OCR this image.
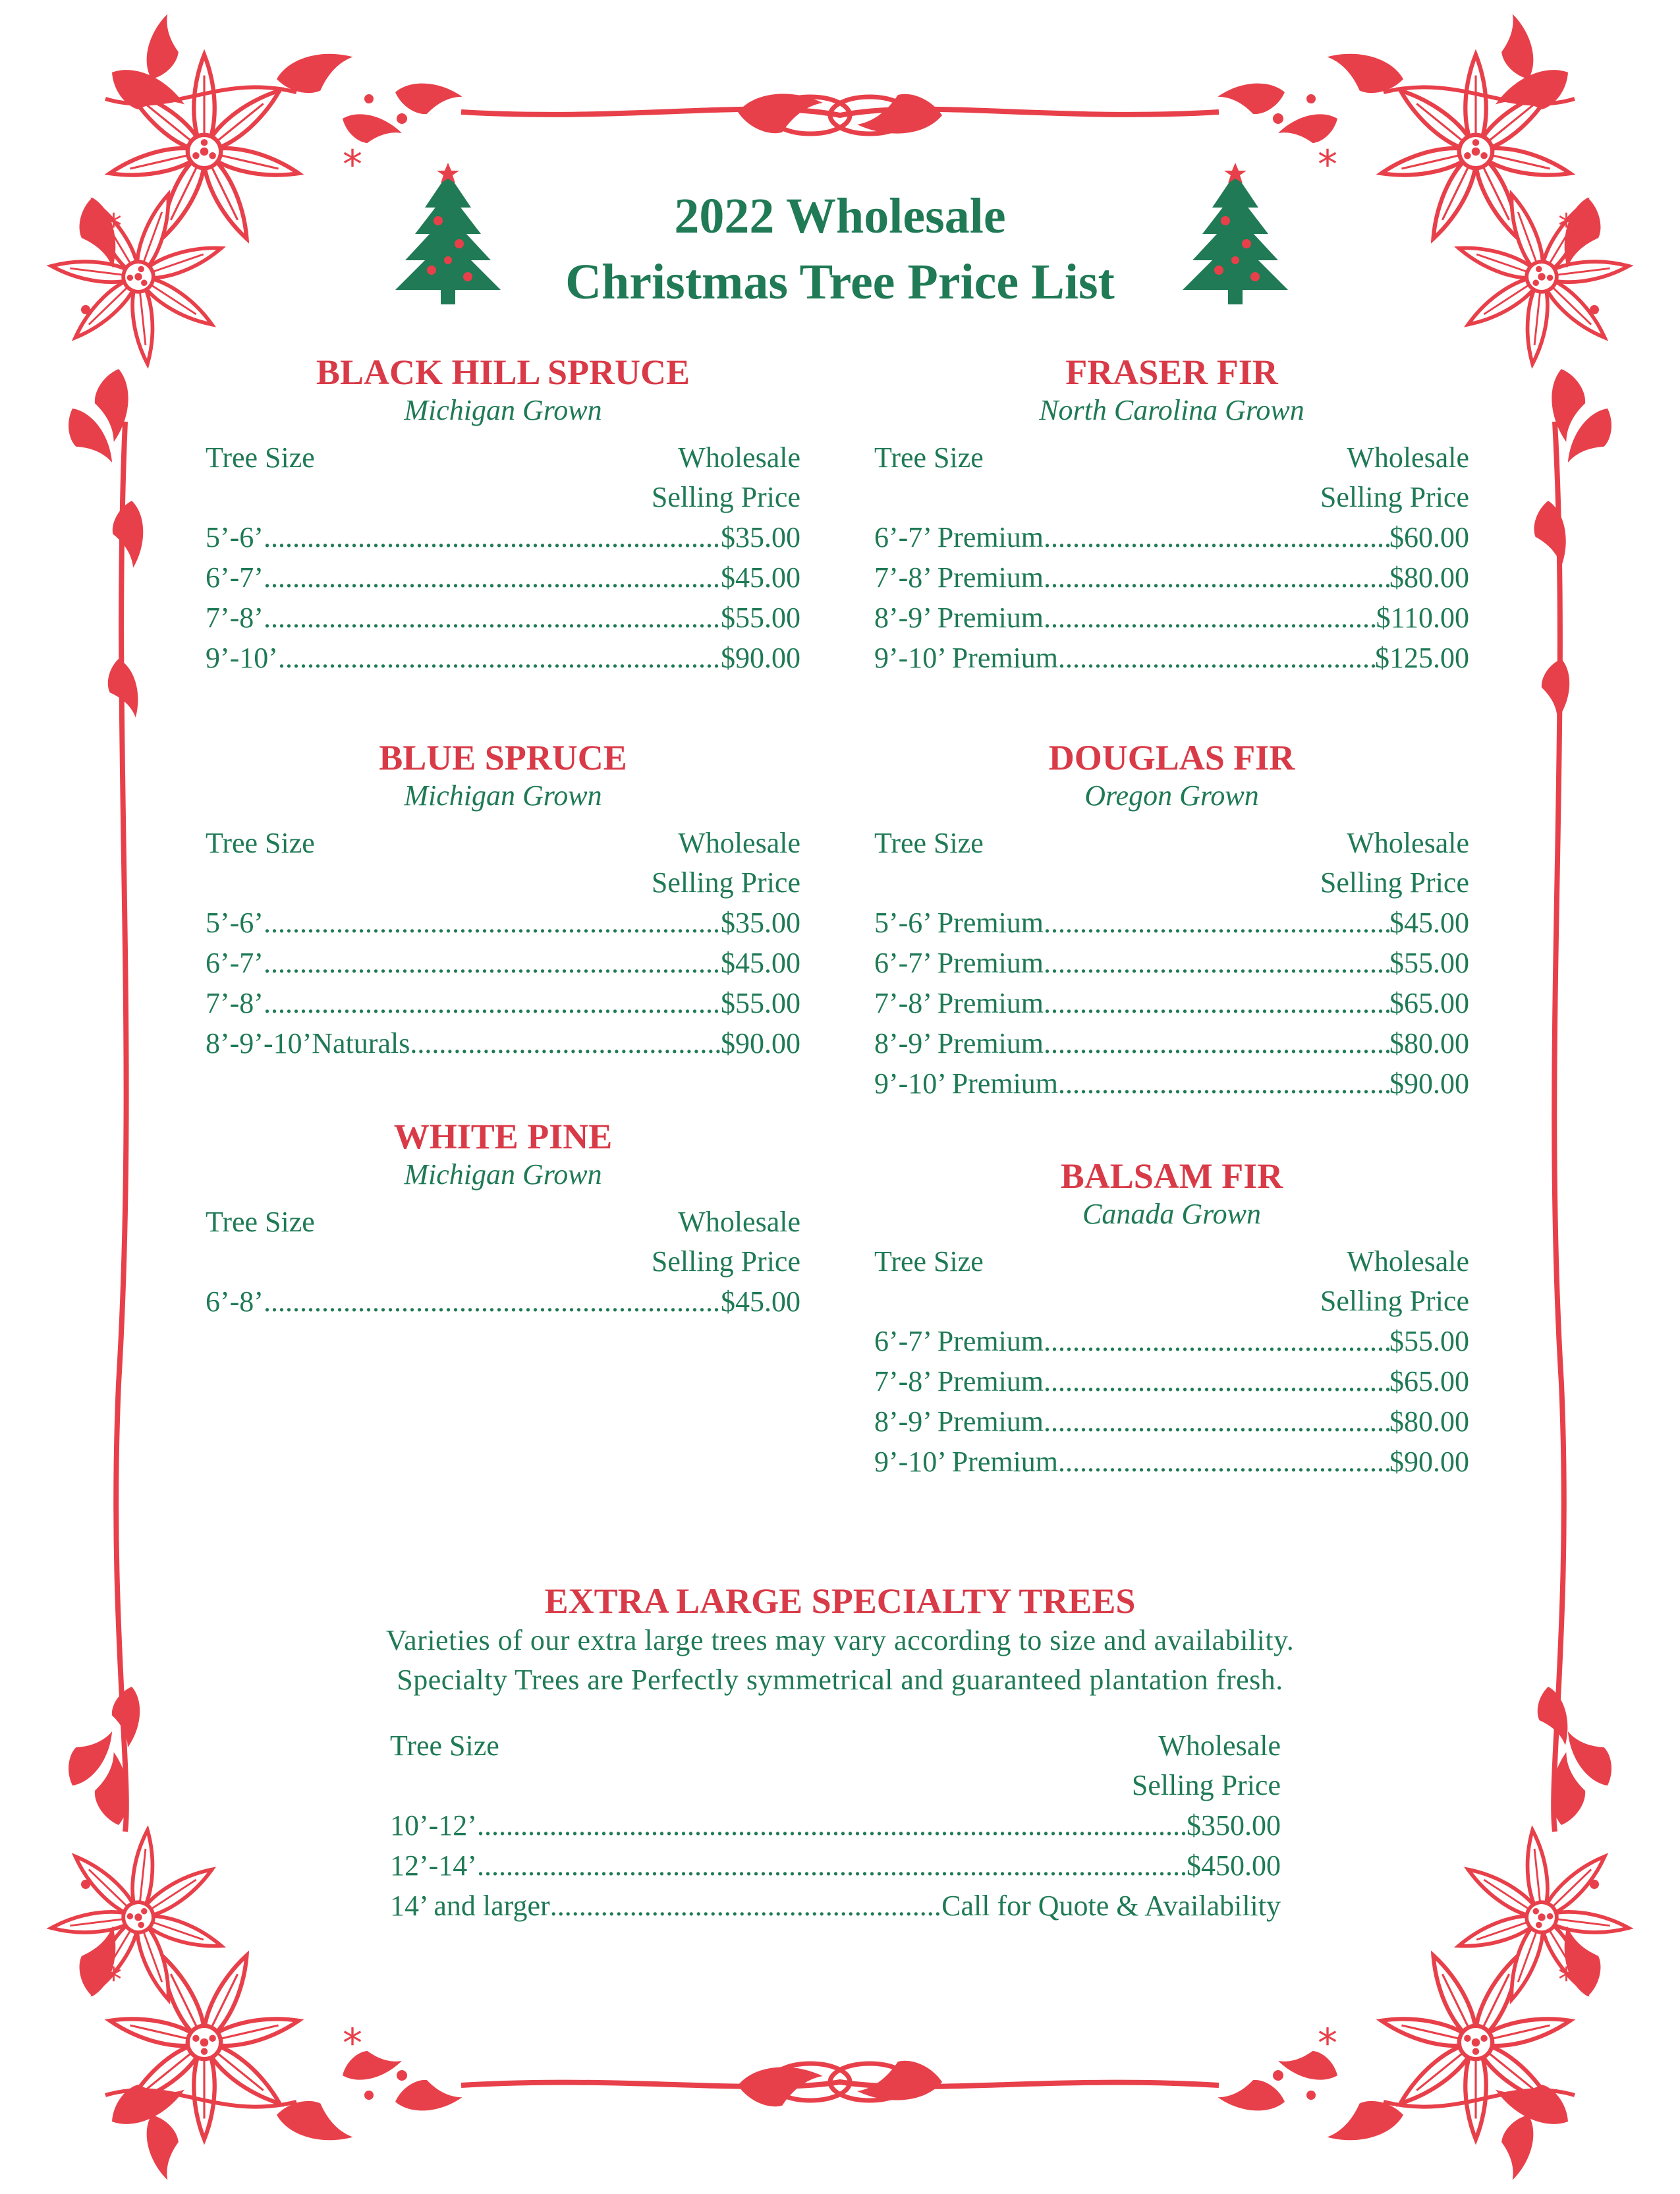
2022 Wholesale
Christmas Tree Price List
BLACK HILL SPRUCE
Michigan Grown
Tree Size	Wholesale
Selling Price
5’-6’ .....	$35.00
6’-7’ .....	$45.00
7’-8’ .....	$55.00
9’-10’ .....	$90.00
BLUE SPRUCE
Michigan Grown
Tree Size	Wholesale
Selling Price
5’-6’ .....	$35.00
6’-7’ .....	$45.00
7’-8’ .....	$55.00
8’-9’-10’Naturals .....	$90.00
WHITE PINE
Michigan Grown
Tree Size	Wholesale
Selling Price
6’-8’ .....	$45.00
FRASER FIR
North Carolina Grown
Tree Size	Wholesale
Selling Price
6’-7’ Premium .....	$60.00
7’-8’ Premium .....	$80.00
8’-9’ Premium .....	$110.00
9’-10’ Premium .....	$125.00
DOUGLAS FIR
Oregon Grown
Tree Size	Wholesale
Selling Price
5’-6’ Premium .....	$45.00
6’-7’ Premium .....	$55.00
7’-8’ Premium .....	$65.00
8’-9’ Premium .....	$80.00
9’-10’ Premium .....	$90.00
BALSAM FIR
Canada Grown
Tree Size	Wholesale
Selling Price
6’-7’ Premium .....	$55.00
7’-8’ Premium .....	$65.00
8’-9’ Premium .....	$80.00
9’-10’ Premium .....	$90.00
EXTRA LARGE SPECIALTY TREES
Varieties of our extra large trees may vary according to size and availability.
Specialty Trees are Perfectly symmetrical and guaranteed plantation fresh.
Tree Size	Wholesale
Selling Price
10’-12’ .....	$350.00
12’-14’ .....	$450.00
14’ and larger .....	Call for Quote & Availability
